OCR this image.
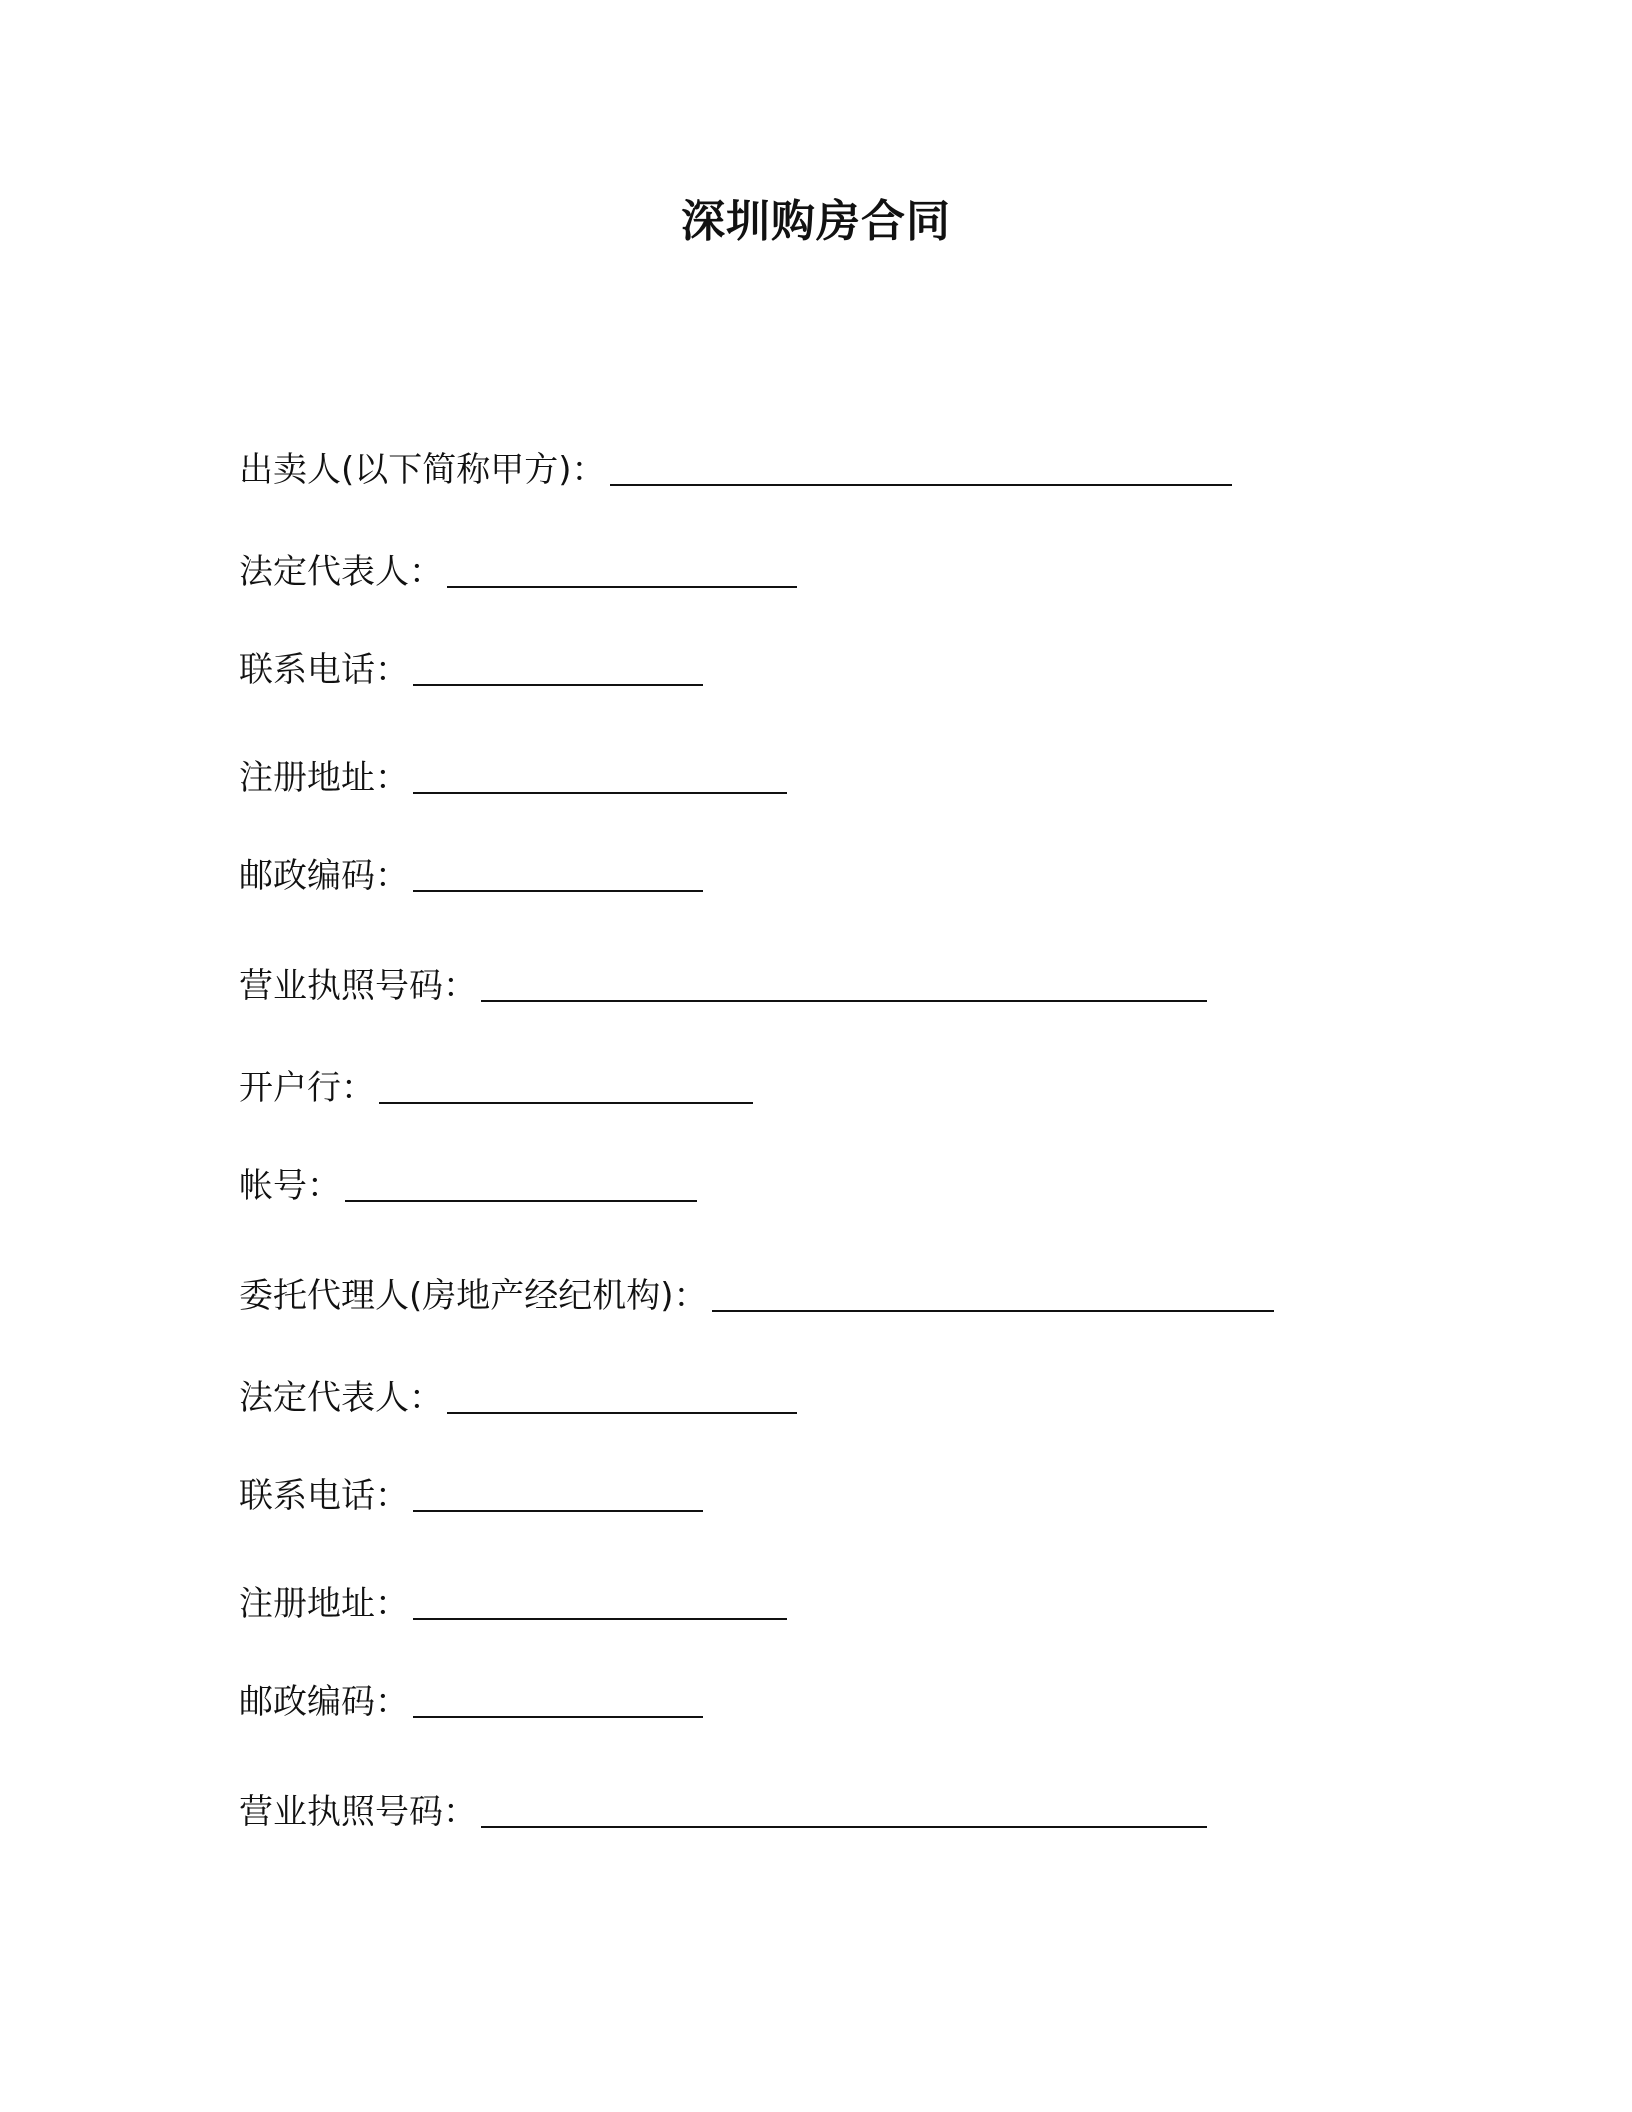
深圳购房合同
出卖人(以下简称甲方)：
法定代表人：
联系电话：
注册地址：
邮政编码：
营业执照号码：
开户行：
帐号：
委托代理人(房地产经纪机构)：
法定代表人：
联系电话：
注册地址：
邮政编码：
营业执照号码：
